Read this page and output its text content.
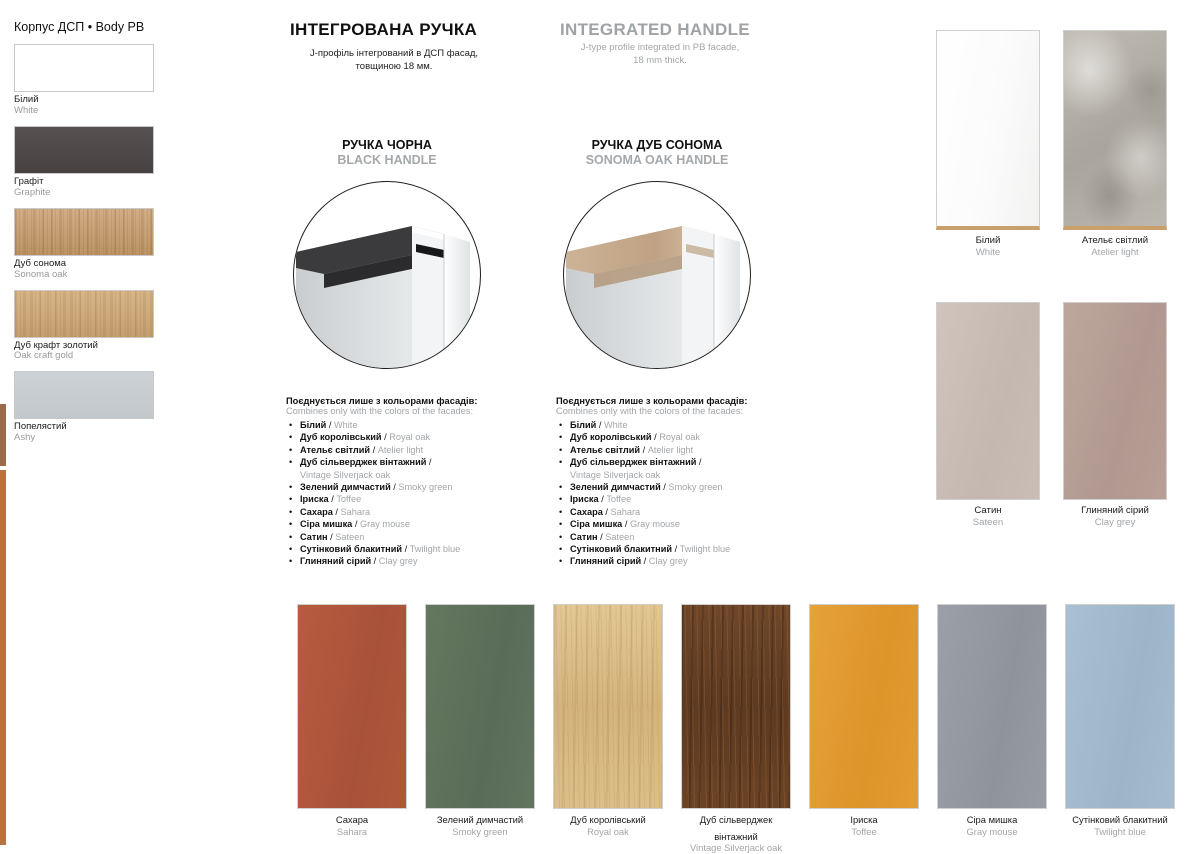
Корпус ДСП • Body PB
Білий
White
Графіт
Graphite
Дуб сонома
Sonoma oak
Дуб крафт золотий
Oak craft gold
Попелястий
Ashy
ІНТЕГРОВАНА РУЧКА
J-профіль інтегрований в ДСП фасад,
товщиною 18 мм.
INTEGRATED HANDLE
J-type profile integrated in PB facade,
18 mm thick.
РУЧКА ЧОРНА
BLACK HANDLE
Поєднується лише з кольорами фасадів:
Combines only with the colors of the facades:
• Білий / White
• Дуб королівський / Royal oak
• Ательє світлий / Atelier light
• Дуб сільверджек вінтажний /
Vintage Silverjack oak
• Зелений димчастий / Smoky green
• Іриска / Toffee
• Сахара / Sahara
• Сіра мишка / Gray mouse
• Сатин / Sateen
• Сутінковий блакитний / Twilight blue
• Глиняний сірий / Clay grey
РУЧКА ДУБ СОНОМА
SONOMA OAK HANDLE
Поєднується лише з кольорами фасадів:
Combines only with the colors of the facades:
• Білий / White
• Дуб королівський / Royal oak
• Ательє світлий / Atelier light
• Дуб сільверджек вінтажний /
Vintage Silverjack oak
• Зелений димчастий / Smoky green
• Іриска / Toffee
• Сахара / Sahara
• Сіра мишка / Gray mouse
• Сатин / Sateen
• Сутінковий блакитний / Twilight blue
• Глиняний сірий / Clay grey
Білий
White
Ательє світлий
Atelier light
Сатин
Sateen
Глиняний сірий
Clay grey
Сахара
Sahara
Зелений димчастий
Smoky green
Дуб королівський
Royal oak
Дуб сільверджек
вінтажний
Vintage Silverjack oak
Іриска
Toffee
Сіра мишка
Gray mouse
Сутінковий блакитний
Twilight blue
